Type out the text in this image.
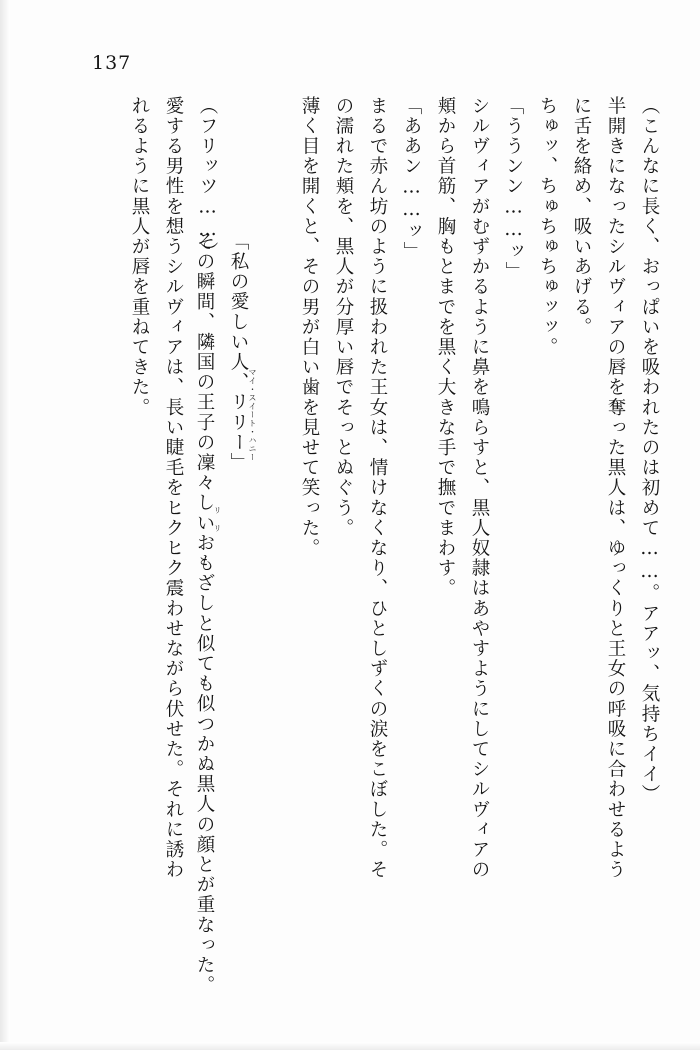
137
（こんなに長く、おっぱいを吸われたのは初めて……。アアッ、気持ちイイ）
半開きになったシルヴィアの唇を奪った黒人は、ゆっくりと王女の呼吸に合わせるよう
に舌を絡め、吸いあげる。
ちゅッ、ちゅちゅちゅッッ。
「ううンン……ッ」
シルヴィアがむずかるように鼻を鳴らすと、黒人奴隷はあやすようにしてシルヴィアの
頬から首筋、胸もとまでを黒く大きな手で撫でまわす。
「ああン……ッ」
まるで赤ん坊のように扱われた王女は、情けなくなり、ひとしずくの涙をこぼした。そ
の濡れた頬を、黒人が分厚い唇でそっとぬぐう。
薄く目を開くと、その男が白い歯を見せて笑った。

マイ・スイート・ハニー

「私の愛しい人、リリー」

リ リ

その瞬間、隣国の王子の凜々しいおもざしと似ても似つかぬ黒人の顔とが重なった。

（フリッツ……）
愛する男性を想うシルヴィアは、長い睫毛をヒクヒク震わせながら伏せた。それに誘わ
れるように黒人が唇を重ねてきた。
